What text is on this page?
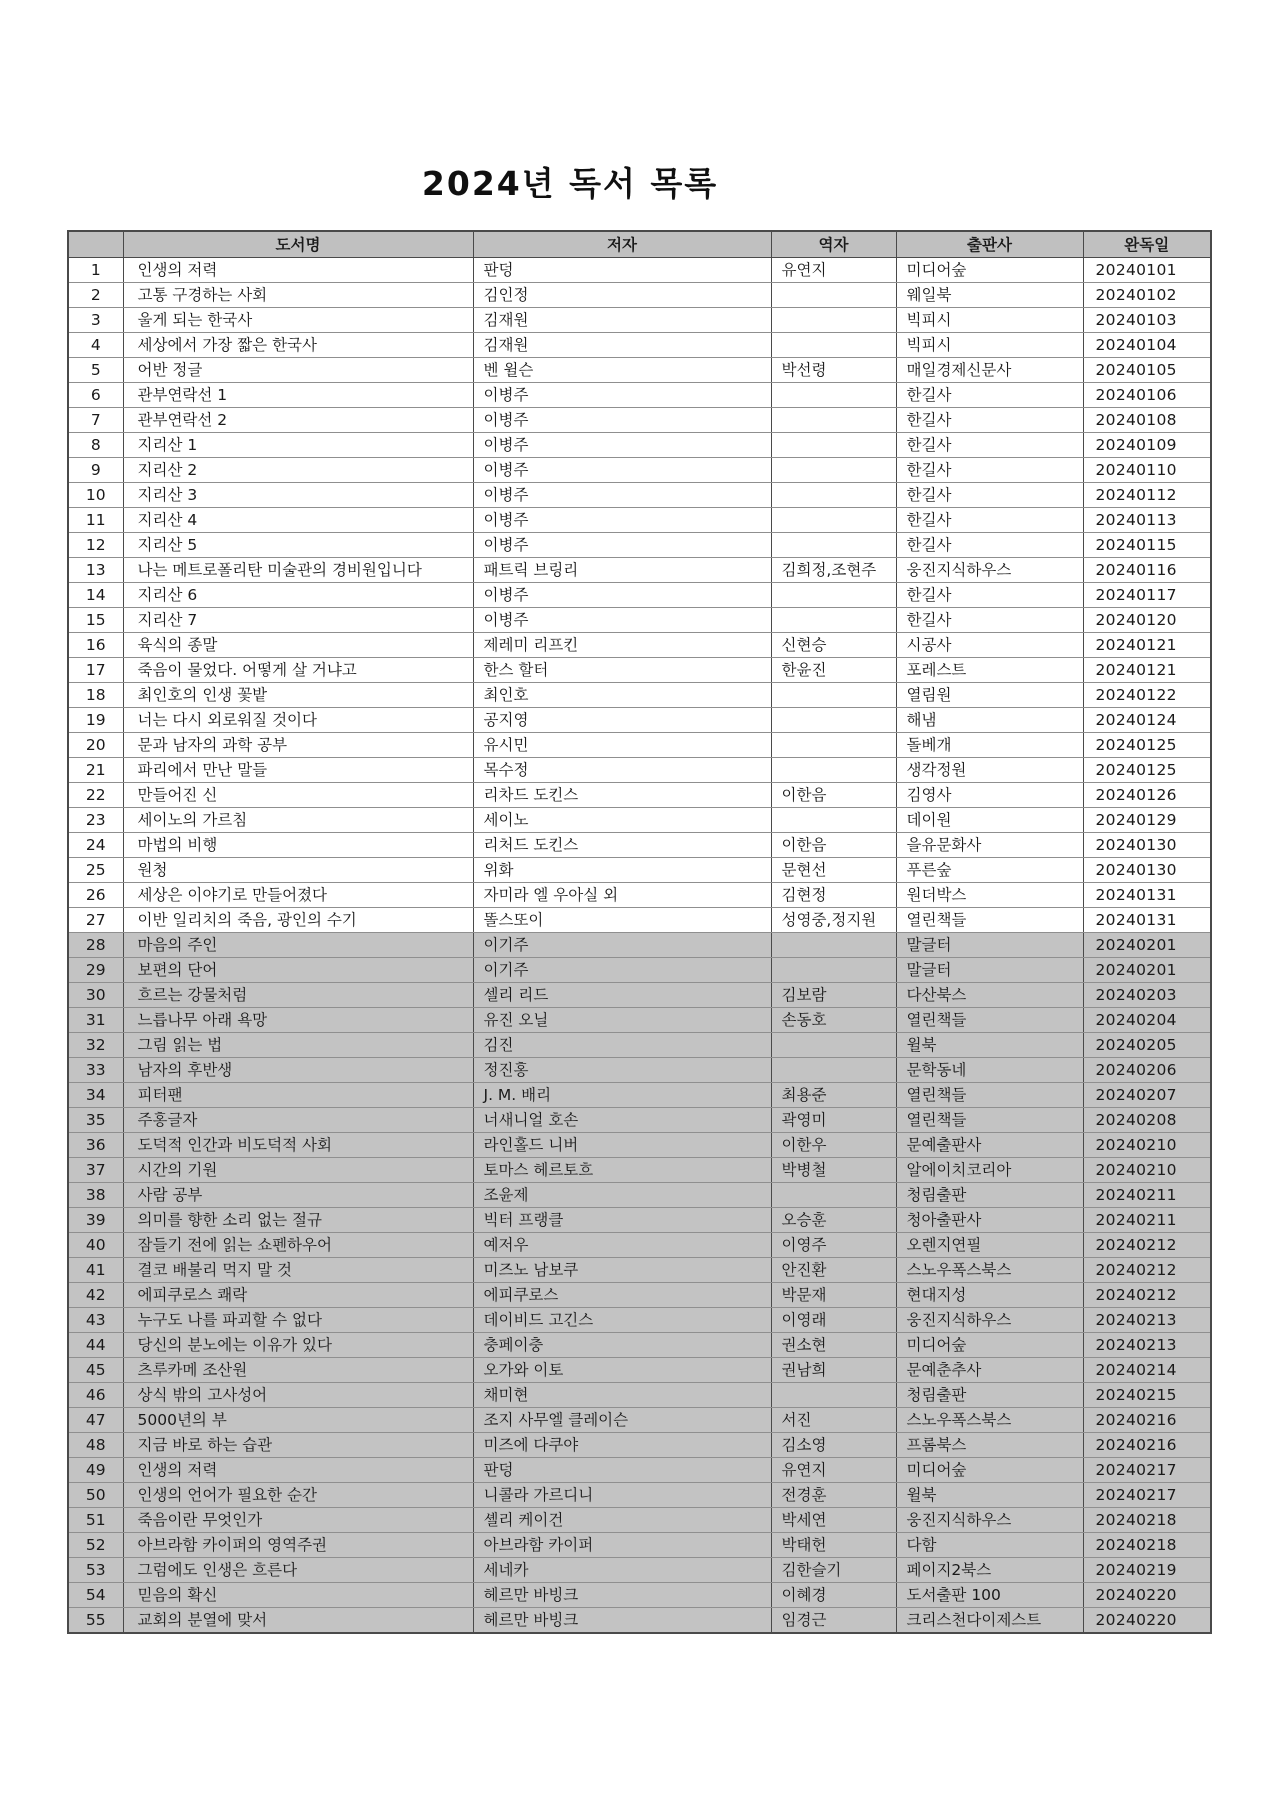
2024년 독서 목록
	도서명	저자	역자	출판사	완독일
1	인생의 저력	판덩	유연지	미디어숲	20240101
2	고통 구경하는 사회	김인정		웨일북	20240102
3	울게 되는 한국사	김재원		빅피시	20240103
4	세상에서 가장 짧은 한국사	김재원		빅피시	20240104
5	어반 정글	벤 윌슨	박선령	매일경제신문사	20240105
6	관부연락선 1	이병주		한길사	20240106
7	관부연락선 2	이병주		한길사	20240108
8	지리산 1	이병주		한길사	20240109
9	지리산 2	이병주		한길사	20240110
10	지리산 3	이병주		한길사	20240112
11	지리산 4	이병주		한길사	20240113
12	지리산 5	이병주		한길사	20240115
13	나는 메트로폴리탄 미술관의 경비원입니다	패트릭 브링리	김희정,조현주	웅진지식하우스	20240116
14	지리산 6	이병주		한길사	20240117
15	지리산 7	이병주		한길사	20240120
16	육식의 종말	제레미 리프킨	신현승	시공사	20240121
17	죽음이 물었다. 어떻게 살 거냐고	한스 할터	한윤진	포레스트	20240121
18	최인호의 인생 꽃밭	최인호		열림원	20240122
19	너는 다시 외로워질 것이다	공지영		해냄	20240124
20	문과 남자의 과학 공부	유시민		돌베개	20240125
21	파리에서 만난 말들	목수정		생각정원	20240125
22	만들어진 신	리차드 도킨스	이한음	김영사	20240126
23	세이노의 가르침	세이노		데이원	20240129
24	마법의 비행	리처드 도킨스	이한음	을유문화사	20240130
25	원청	위화	문현선	푸른숲	20240130
26	세상은 이야기로 만들어졌다	자미라 엘 우아실 외	김현정	원더박스	20240131
27	이반 일리치의 죽음, 광인의 수기	똘스또이	성영중,정지원	열린책들	20240131
28	마음의 주인	이기주		말글터	20240201
29	보편의 단어	이기주		말글터	20240201
30	흐르는 강물처럼	셀리 리드	김보람	다산북스	20240203
31	느릅나무 아래 욕망	유진 오닐	손동호	열린책들	20240204
32	그림 읽는 법	김진		윌북	20240205
33	남자의 후반생	정진홍		문학동네	20240206
34	피터팬	J. M. 배리	최용준	열린책들	20240207
35	주홍글자	너새니얼 호손	곽영미	열린책들	20240208
36	도덕적 인간과 비도덕적 사회	라인홀드 니버	이한우	문예출판사	20240210
37	시간의 기원	토마스 헤르토흐	박병철	알에이치코리아	20240210
38	사람 공부	조윤제		청림출판	20240211
39	의미를 향한 소리 없는 절규	빅터 프랭클	오승훈	청아출판사	20240211
40	잠들기 전에 읽는 쇼펜하우어	예저우	이영주	오렌지연필	20240212
41	결코 배불리 먹지 말 것	미즈노 남보쿠	안진환	스노우폭스북스	20240212
42	에피쿠로스 쾌락	에피쿠로스	박문재	현대지성	20240212
43	누구도 나를 파괴할 수 없다	데이비드 고긴스	이영래	웅진지식하우스	20240213
44	당신의 분노에는 이유가 있다	충페이충	권소현	미디어숲	20240213
45	츠루카메 조산원	오가와 이토	권남희	문예춘추사	20240214
46	상식 밖의 고사성어	채미현		청림출판	20240215
47	5000년의 부	조지 사무엘 클레이슨	서진	스노우폭스북스	20240216
48	지금 바로 하는 습관	미즈에 다쿠야	김소영	프롬북스	20240216
49	인생의 저력	판덩	유연지	미디어숲	20240217
50	인생의 언어가 필요한 순간	니콜라 가르디니	전경훈	윌북	20240217
51	죽음이란 무엇인가	셸리 케이건	박세연	웅진지식하우스	20240218
52	아브라함 카이퍼의 영역주권	아브라함 카이퍼	박태헌	다함	20240218
53	그럼에도 인생은 흐른다	세네카	김한슬기	페이지2북스	20240219
54	믿음의 확신	헤르만 바빙크	이혜경	도서출판 100	20240220
55	교회의 분열에 맞서	헤르만 바빙크	임경근	크리스천다이제스트	20240220
